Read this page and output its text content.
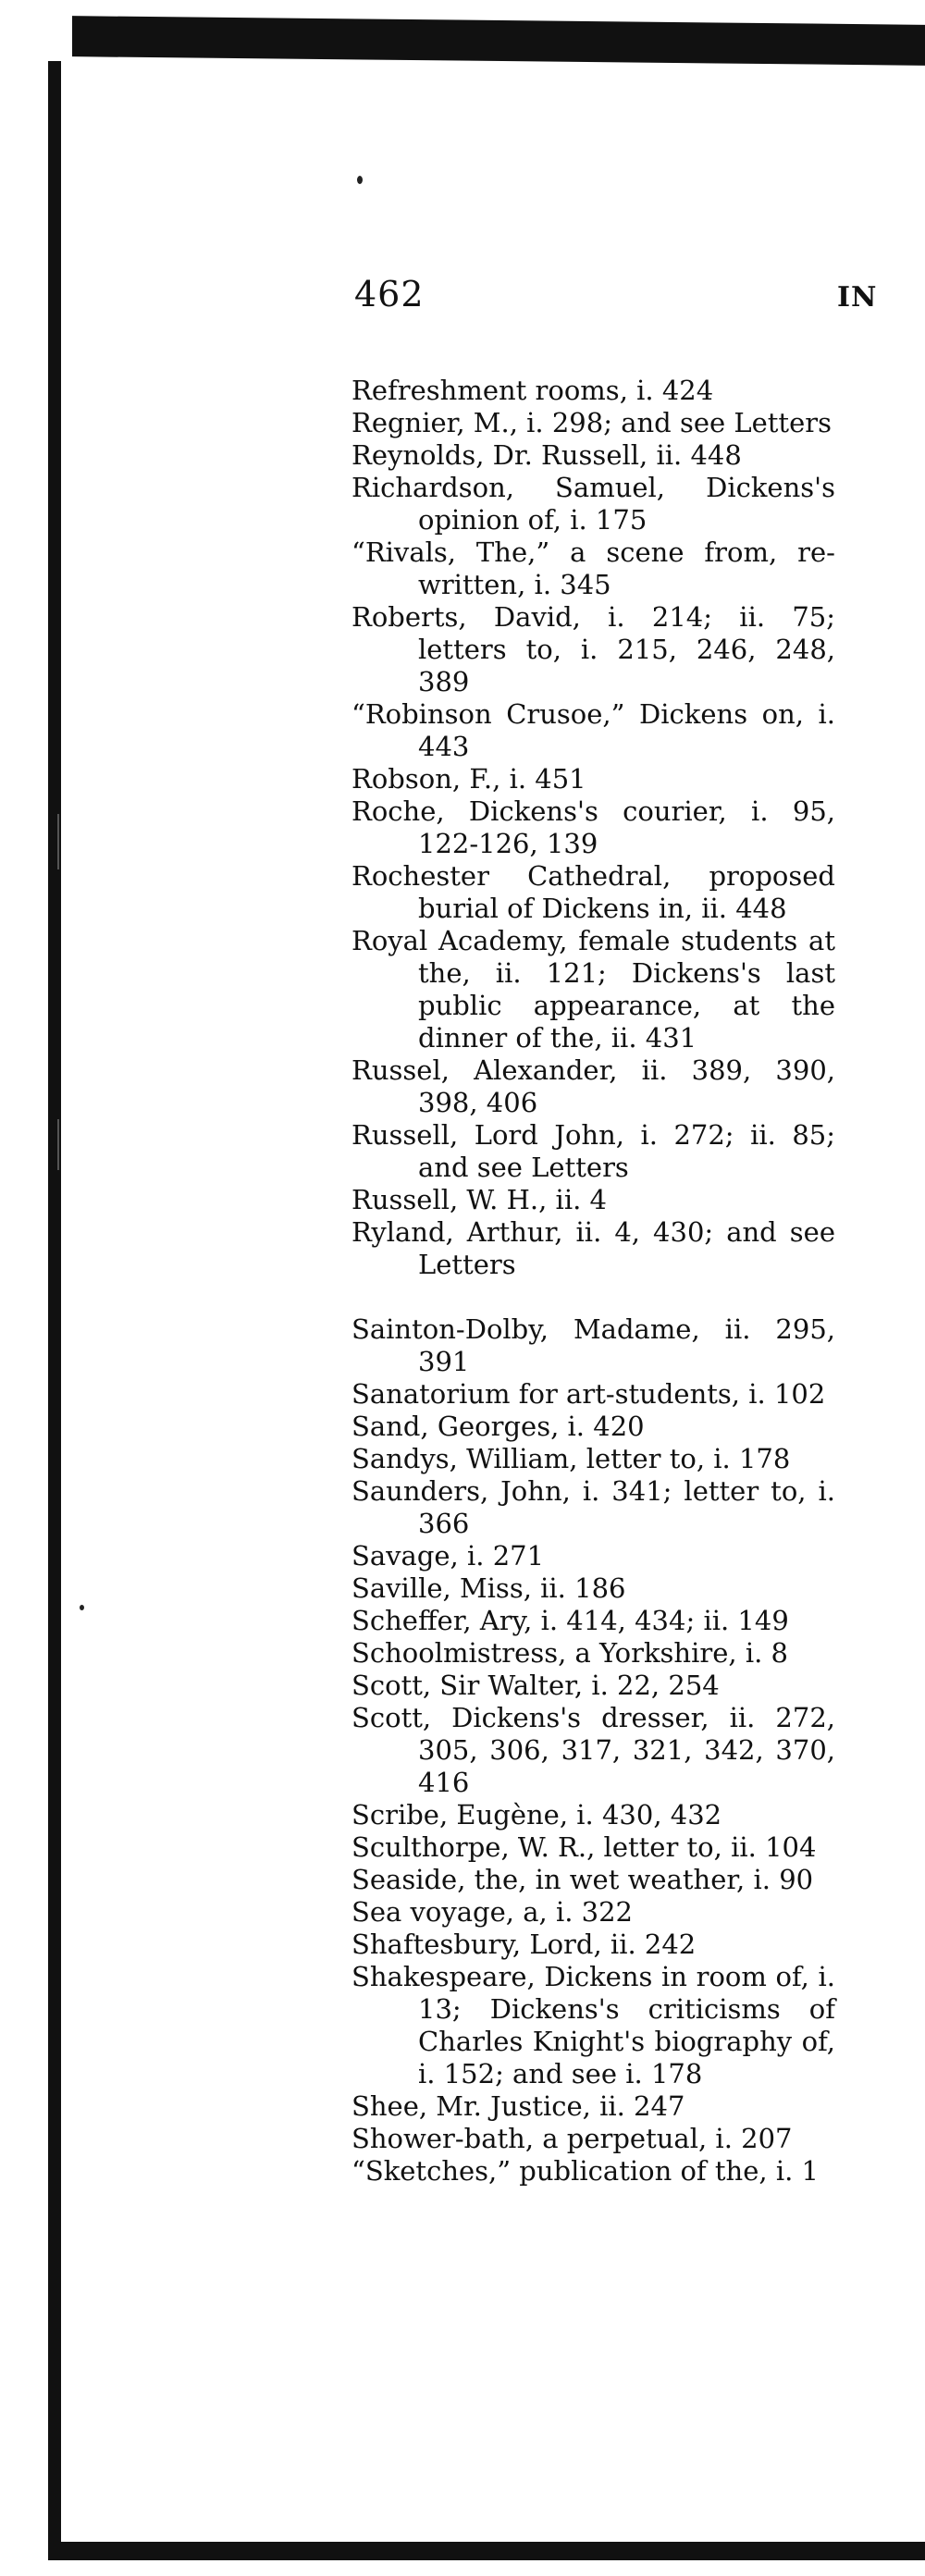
462	IN
Refreshment rooms, i. 424
Regnier, M., i. 298; and see Letters
Reynolds, Dr. Russell, ii. 448
Richardson, Samuel, Dickens's opinion of, i. 175
“Rivals, The,” a scene from, re-written, i. 345
Roberts, David, i. 214; ii. 75; letters to, i. 215, 246, 248, 389
“Robinson Crusoe,” Dickens on, i. 443
Robson, F., i. 451
Roche, Dickens's courier, i. 95, 122-126, 139
Rochester Cathedral, proposed burial of Dickens in, ii. 448
Royal Academy, female students at the, ii. 121; Dickens's last public appearance, at the dinner of the, ii. 431
Russel, Alexander, ii. 389, 390, 398, 406
Russell, Lord John, i. 272; ii. 85; and see Letters
Russell, W. H., ii. 4
Ryland, Arthur, ii. 4, 430; and see Letters
Sainton-Dolby, Madame, ii. 295, 391
Sanatorium for art-students, i. 102
Sand, Georges, i. 420
Sandys, William, letter to, i. 178
Saunders, John, i. 341; letter to, i. 366
Savage, i. 271
Saville, Miss, ii. 186
Scheffer, Ary, i. 414, 434; ii. 149
Schoolmistress, a Yorkshire, i. 8
Scott, Sir Walter, i. 22, 254
Scott, Dickens's dresser, ii. 272, 305, 306, 317, 321, 342, 370, 416
Scribe, Eugène, i. 430, 432
Sculthorpe, W. R., letter to, ii. 104
Seaside, the, in wet weather, i. 90
Sea voyage, a, i. 322
Shaftesbury, Lord, ii. 242
Shakespeare, Dickens in room of, i. 13; Dickens's criticisms of Charles Knight's biography of, i. 152; and see i. 178
Shee, Mr. Justice, ii. 247
Shower-bath, a perpetual, i. 207
“Sketches,” publication of the, i. 1
